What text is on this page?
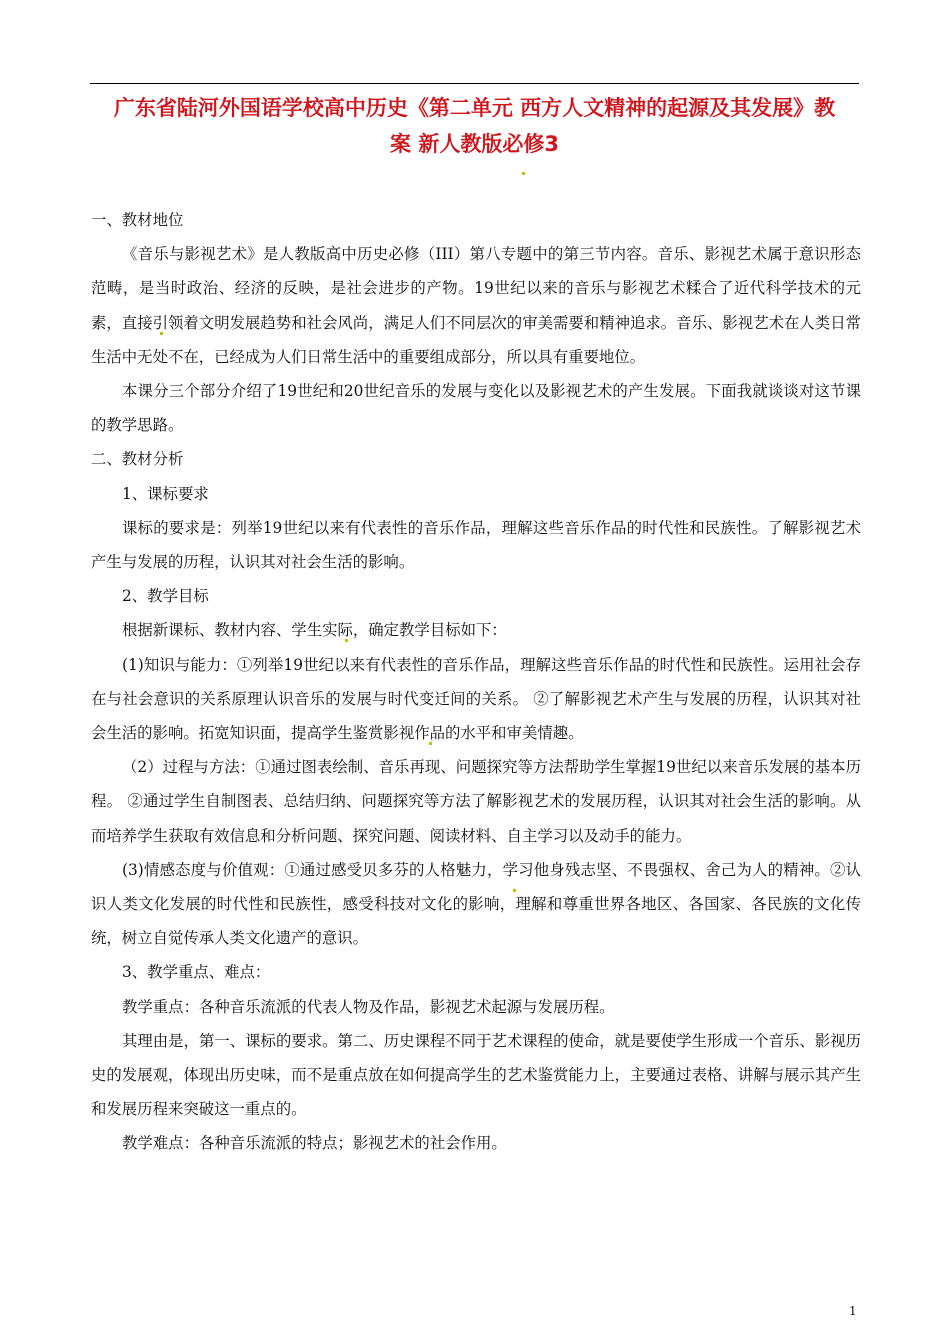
广东省陆河外国语学校高中历史《第二单元 西方人文精神的起源及其发展》教
案 新人教版必修3

一、教材地位

《音乐与影视艺术》是人教版高中历史必修（III）第八专题中的第三节内容。音乐、影视艺术属于意识形态范畴，是当时政治、经济的反映，是社会进步的产物。19世纪以来的音乐与影视艺术糅合了近代科学技术的元素，直接引领着文明发展趋势和社会风尚，满足人们不同层次的审美需要和精神追求。音乐、影视艺术在人类日常生活中无处不在，已经成为人们日常生活中的重要组成部分，所以具有重要地位。

本课分三个部分介绍了19世纪和20世纪音乐的发展与变化以及影视艺术的产生发展。下面我就谈谈对这节课的教学思路。

二、教材分析

1、课标要求

课标的要求是：列举19世纪以来有代表性的音乐作品，理解这些音乐作品的时代性和民族性。了解影视艺术产生与发展的历程，认识其对社会生活的影响。

2、教学目标

根据新课标、教材内容、学生实际，确定教学目标如下：

(1)知识与能力：①列举19世纪以来有代表性的音乐作品，理解这些音乐作品的时代性和民族性。运用社会存在与社会意识的关系原理认识音乐的发展与时代变迁间的关系。 ②了解影视艺术产生与发展的历程，认识其对社会生活的影响。拓宽知识面，提高学生鉴赏影视作品的水平和审美情趣。

（2）过程与方法：①通过图表绘制、音乐再现、问题探究等方法帮助学生掌握19世纪以来音乐发展的基本历程。 ②通过学生自制图表、总结归纳、问题探究等方法了解影视艺术的发展历程，认识其对社会生活的影响。从而培养学生获取有效信息和分析问题、探究问题、阅读材料、自主学习以及动手的能力。

(3)情感态度与价值观：①通过感受贝多芬的人格魅力，学习他身残志坚、不畏强权、舍己为人的精神。②认识人类文化发展的时代性和民族性，感受科技对文化的影响，理解和尊重世界各地区、各国家、各民族的文化传统，树立自觉传承人类文化遗产的意识。

3、教学重点、难点：

教学重点：各种音乐流派的代表人物及作品，影视艺术起源与发展历程。

其理由是，第一、课标的要求。第二、历史课程不同于艺术课程的使命，就是要使学生形成一个音乐、影视历史的发展观，体现出历史味，而不是重点放在如何提高学生的艺术鉴赏能力上，主要通过表格、讲解与展示其产生和发展历程来突破这一重点的。

教学难点：各种音乐流派的特点；影视艺术的社会作用。

1
